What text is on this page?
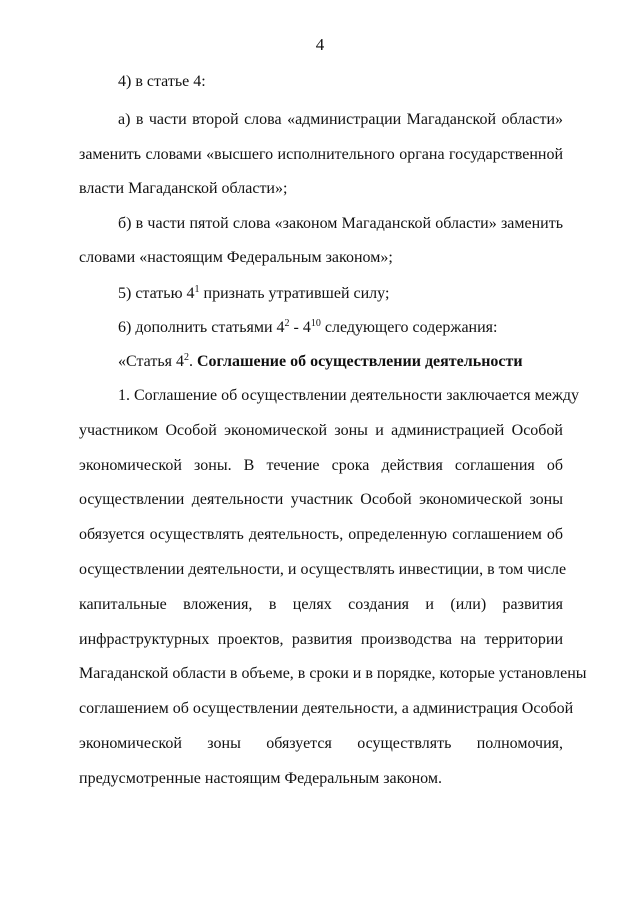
4
4) в статье 4:
а) в части второй слова «администрации Магаданской области»
заменить словами «высшего исполнительного органа государственной
власти Магаданской области»;
б) в части пятой слова «законом Магаданской области» заменить
словами «настоящим Федеральным законом»;
5) статью $4^1$ признать утратившей силу;
6) дополнить статьями $4^2 - 4^{10}$ следующего содержания:
«Статья $4^2$. Соглашение об осуществлении деятельности
1. Соглашение об осуществлении деятельности заключается между
участником Особой экономической зоны и администрацией Особой
экономической зоны. В течение срока действия соглашения об
осуществлении деятельности участник Особой экономической зоны
обязуется осуществлять деятельность, определенную соглашением об
осуществлении деятельности, и осуществлять инвестиции, в том числе
капитальные вложения, в целях создания и (или) развития
инфраструктурных проектов, развития производства на территории
Магаданской области в объеме, в сроки и в порядке, которые установлены
соглашением об осуществлении деятельности, а администрация Особой
экономической зоны обязуется осуществлять полномочия,
предусмотренные настоящим Федеральным законом.
